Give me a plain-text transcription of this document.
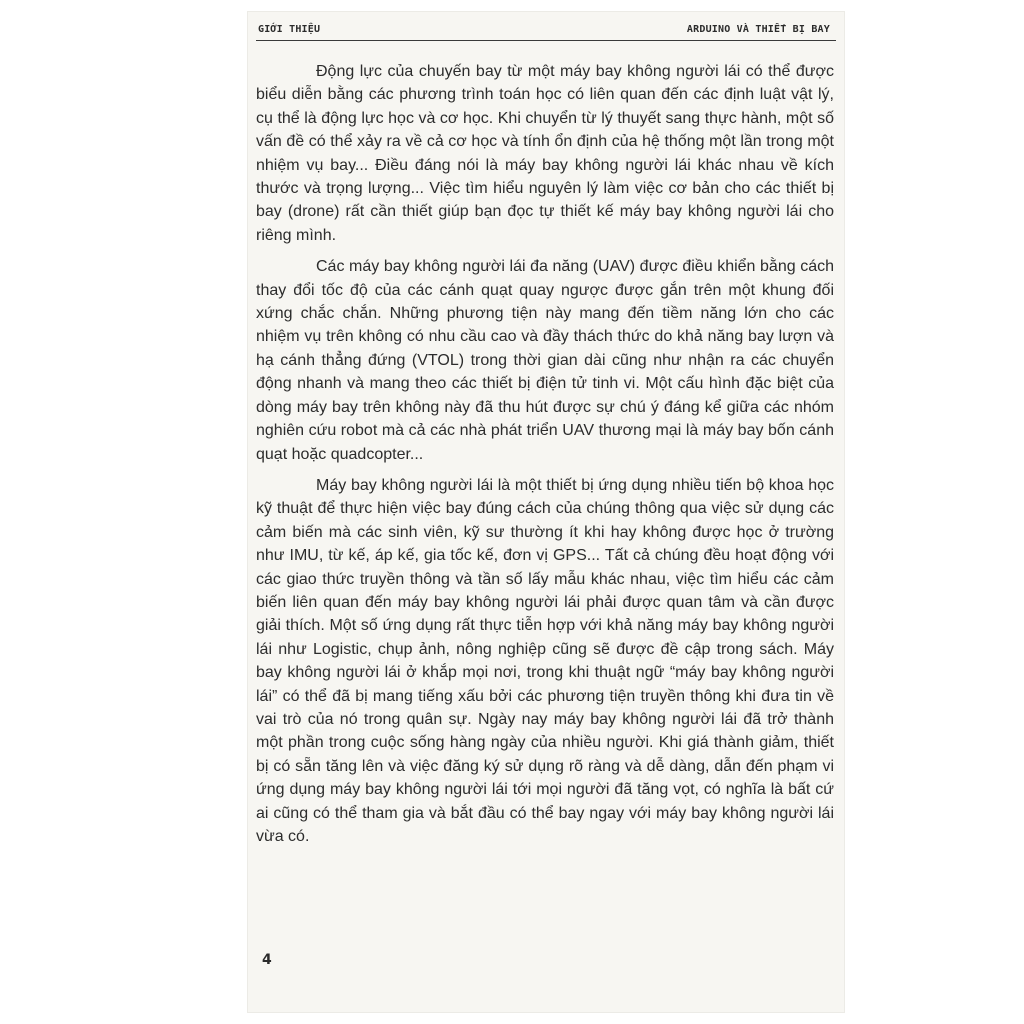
GIỚI THIỆU	ARDUINO VÀ THIẾT BỊ BAY

Động lực của chuyến bay từ một máy bay không người lái có thể được biểu diễn bằng các phương trình toán học có liên quan đến các định luật vật lý, cụ thể là động lực học và cơ học. Khi chuyển từ lý thuyết sang thực hành, một số vấn đề có thể xảy ra về cả cơ học và tính ổn định của hệ thống một lần trong một nhiệm vụ bay... Điều đáng nói là máy bay không người lái khác nhau về kích thước và trọng lượng... Việc tìm hiểu nguyên lý làm việc cơ bản cho các thiết bị bay (drone) rất cần thiết giúp bạn đọc tự thiết kế máy bay không người lái cho riêng mình.

Các máy bay không người lái đa năng (UAV) được điều khiển bằng cách thay đổi tốc độ của các cánh quạt quay ngược được gắn trên một khung đối xứng chắc chắn. Những phương tiện này mang đến tiềm năng lớn cho các nhiệm vụ trên không có nhu cầu cao và đầy thách thức do khả năng bay lượn và hạ cánh thẳng đứng (VTOL) trong thời gian dài cũng như nhận ra các chuyển động nhanh và mang theo các thiết bị điện tử tinh vi. Một cấu hình đặc biệt của dòng máy bay trên không này đã thu hút được sự chú ý đáng kể giữa các nhóm nghiên cứu robot mà cả các nhà phát triển UAV thương mại là máy bay bốn cánh quạt hoặc quadcopter...

Máy bay không người lái là một thiết bị ứng dụng nhiều tiến bộ khoa học kỹ thuật để thực hiện việc bay đúng cách của chúng thông qua việc sử dụng các cảm biến mà các sinh viên, kỹ sư thường ít khi hay không được học ở trường như IMU, từ kế, áp kế, gia tốc kế, đơn vị GPS... Tất cả chúng đều hoạt động với các giao thức truyền thông và tần số lấy mẫu khác nhau, việc tìm hiểu các cảm biến liên quan đến máy bay không người lái phải được quan tâm và cần được giải thích. Một số ứng dụng rất thực tiễn hợp với khả năng máy bay không người lái như Logistic, chụp ảnh, nông nghiệp cũng sẽ được đề cập trong sách. Máy bay không người lái ở khắp mọi nơi, trong khi thuật ngữ “máy bay không người lái” có thể đã bị mang tiếng xấu bởi các phương tiện truyền thông khi đưa tin về vai trò của nó trong quân sự. Ngày nay máy bay không người lái đã trở thành một phần trong cuộc sống hàng ngày của nhiều người. Khi giá thành giảm, thiết bị có sẵn tăng lên và việc đăng ký sử dụng rõ ràng và dễ dàng, dẫn đến phạm vi ứng dụng máy bay không người lái tới mọi người đã tăng vọt, có nghĩa là bất cứ ai cũng có thể tham gia và bắt đầu có thể bay ngay với máy bay không người lái vừa có.

4
